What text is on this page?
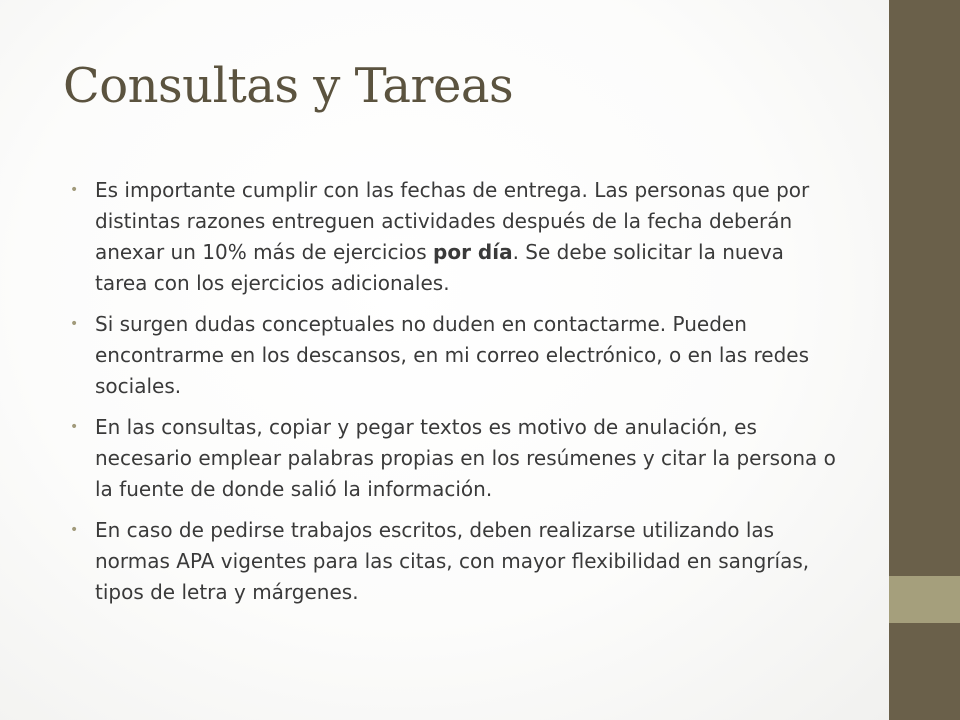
Consultas y Tareas
• Es importante cumplir con las fechas de entrega. Las personas que por distintas razones entreguen actividades después de la fecha deberán anexar un 10% más de ejercicios por día. Se debe solicitar la nueva tarea con los ejercicios adicionales.
• Si surgen dudas conceptuales no duden en contactarme. Pueden encontrarme en los descansos, en mi correo electrónico, o en las redes sociales.
• En las consultas, copiar y pegar textos es motivo de anulación, es necesario emplear palabras propias en los resúmenes y citar la persona o la fuente de donde salió la información.
• En caso de pedirse trabajos escritos, deben realizarse utilizando las normas APA vigentes para las citas, con mayor flexibilidad en sangrías, tipos de letra y márgenes.
